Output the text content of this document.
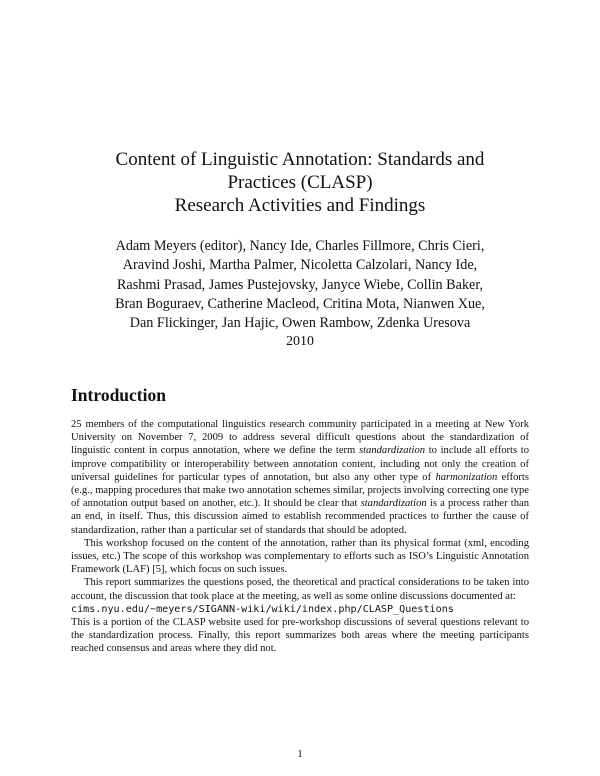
Content of Linguistic Annotation: Standards and
Practices (CLASP)
Research Activities and Findings
Adam Meyers (editor), Nancy Ide, Charles Fillmore, Chris Cieri,
Aravind Joshi, Martha Palmer, Nicoletta Calzolari, Nancy Ide,
Rashmi Prasad, James Pustejovsky, Janyce Wiebe, Collin Baker,
Bran Boguraev, Catherine Macleod, Critina Mota, Nianwen Xue,
Dan Flickinger, Jan Hajic, Owen Rambow, Zdenka Uresova
2010
Introduction

25 members of the computational linguistics research community participated in a meeting at New York University on November 7, 2009 to address several difficult questions about the standardization of linguistic content in corpus annotation, where we define the term standardization to include all efforts to improve compatibility or interoperability between annotation content, including not only the creation of universal guidelines for particular types of annotation, but also any other type of harmonization efforts (e.g., mapping procedures that make two annotation schemes similar, projects involving correcting one type of annotation output based on another, etc.). It should be clear that standardization is a process rather than an end, in itself. Thus, this discussion aimed to establish recommended practices to further the cause of standardization, rather than a particular set of standards that should be adopted.

This workshop focused on the content of the annotation, rather than its physical format (xml, encoding issues, etc.) The scope of this workshop was complementary to efforts such as ISO’s Linguistic Annotation Framework (LAF) [5], which focus on such issues.

This report summarizes the questions posed, the theoretical and practical considerations to be taken into account, the discussion that took place at the meeting, as well as some online discussions documented at:

cims.nyu.edu/~meyers/SIGANN-wiki/wiki/index.php/CLASP_Questions

This is a portion of the CLASP website used for pre-workshop discussions of several questions relevant to the standardization process. Finally, this report summarizes both areas where the meeting participants reached consensus and areas where they did not.

1
